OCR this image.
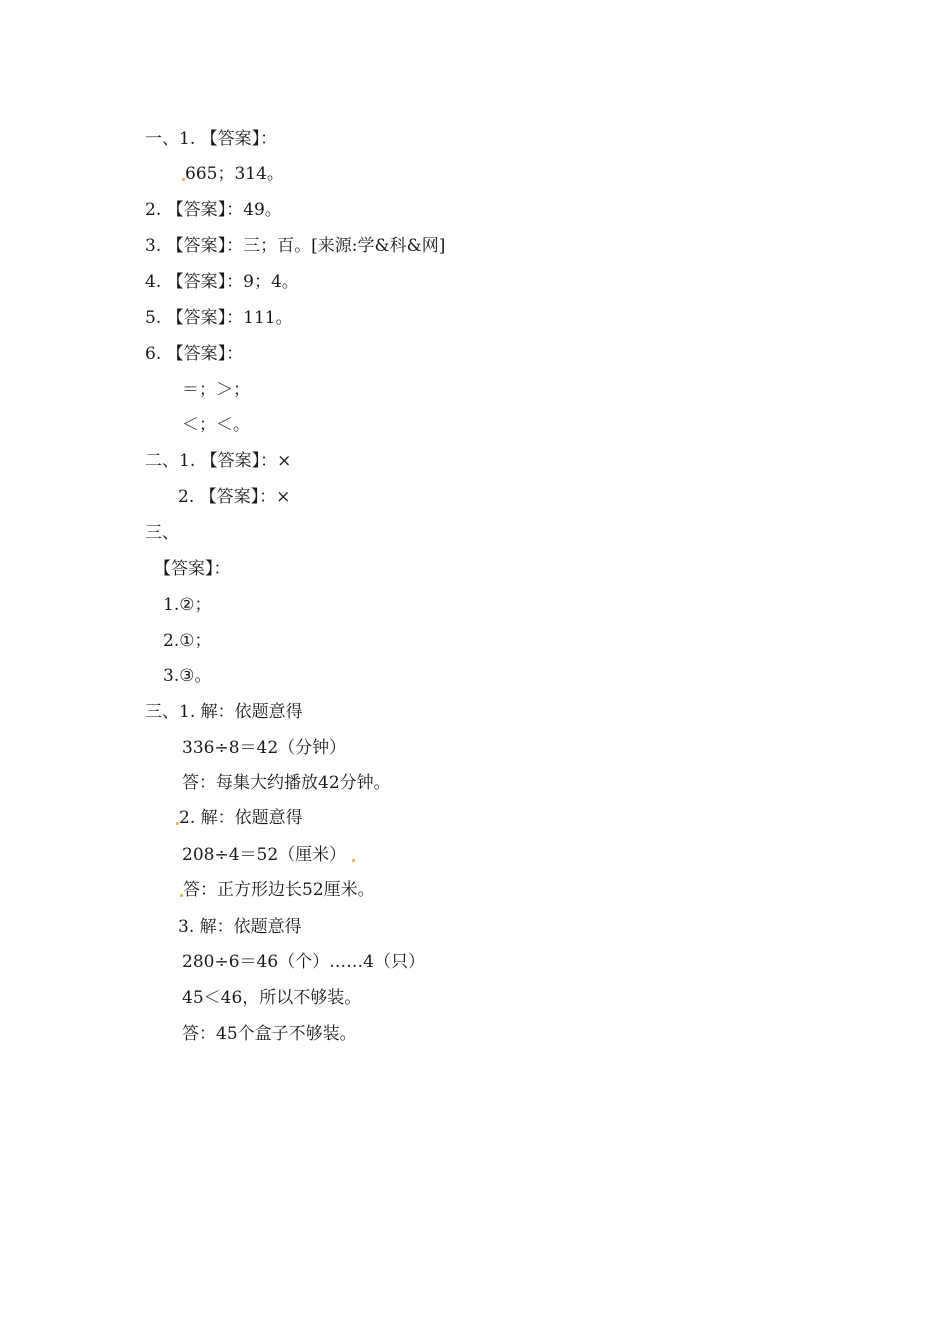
一、1. 【答案】：
665；314。
2. 【答案】：49。
3. 【答案】：三；百。[来源:学&科&网]
4. 【答案】：9；4。
5. 【答案】：111。
6. 【答案】：
＝；＞；
＜；＜。
二、1. 【答案】：×
2. 【答案】：×
三、
【答案】：
1.②；
2.①；
3.③。
三、1. 解：依题意得
336÷8＝42（分钟）
答：每集大约播放42分钟。
2. 解：依题意得
208÷4＝52（厘米）
答：正方形边长52厘米。
3. 解：依题意得
280÷6＝46（个）……4（只）
45＜46，所以不够装。
答：45个盒子不够装。
